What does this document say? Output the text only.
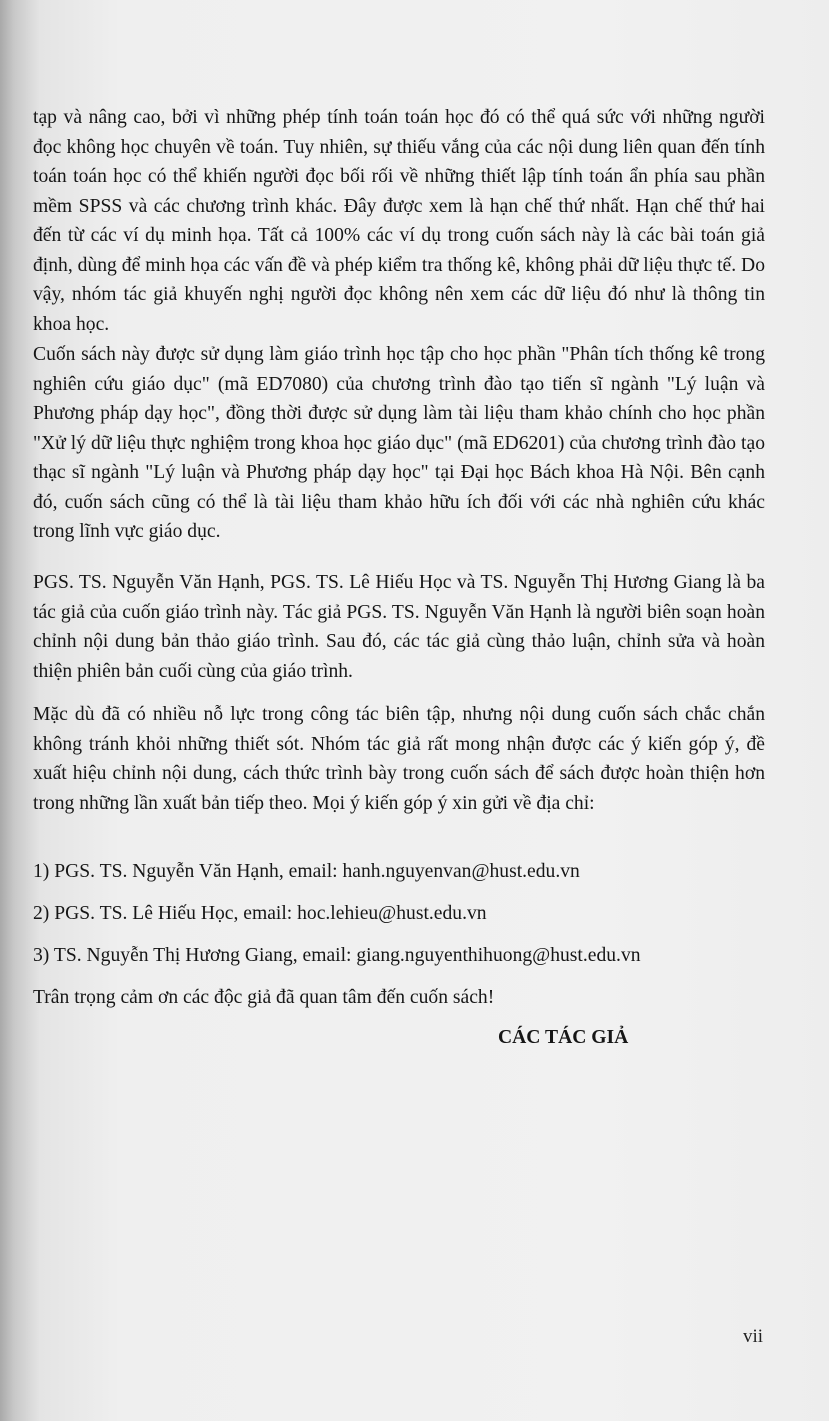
tạp và nâng cao, bởi vì những phép tính toán toán học đó có thể quá sức với những người đọc không học chuyên về toán. Tuy nhiên, sự thiếu vắng của các nội dung liên quan đến tính toán toán học có thể khiến người đọc bối rối về những thiết lập tính toán ẩn phía sau phần mềm SPSS và các chương trình khác. Đây được xem là hạn chế thứ nhất. Hạn chế thứ hai đến từ các ví dụ minh họa. Tất cả 100% các ví dụ trong cuốn sách này là các bài toán giả định, dùng để minh họa các vấn đề và phép kiểm tra thống kê, không phải dữ liệu thực tế. Do vậy, nhóm tác giả khuyến nghị người đọc không nên xem các dữ liệu đó như là thông tin khoa học.

Cuốn sách này được sử dụng làm giáo trình học tập cho học phần "Phân tích thống kê trong nghiên cứu giáo dục" (mã ED7080) của chương trình đào tạo tiến sĩ ngành "Lý luận và Phương pháp dạy học", đồng thời được sử dụng làm tài liệu tham khảo chính cho học phần "Xử lý dữ liệu thực nghiệm trong khoa học giáo dục" (mã ED6201) của chương trình đào tạo thạc sĩ ngành "Lý luận và Phương pháp dạy học" tại Đại học Bách khoa Hà Nội. Bên cạnh đó, cuốn sách cũng có thể là tài liệu tham khảo hữu ích đối với các nhà nghiên cứu khác trong lĩnh vực giáo dục.

PGS. TS. Nguyễn Văn Hạnh, PGS. TS. Lê Hiếu Học và TS. Nguyễn Thị Hương Giang là ba tác giả của cuốn giáo trình này. Tác giả PGS. TS. Nguyễn Văn Hạnh là người biên soạn hoàn chỉnh nội dung bản thảo giáo trình. Sau đó, các tác giả cùng thảo luận, chỉnh sửa và hoàn thiện phiên bản cuối cùng của giáo trình.

Mặc dù đã có nhiều nỗ lực trong công tác biên tập, nhưng nội dung cuốn sách chắc chắn không tránh khỏi những thiết sót. Nhóm tác giả rất mong nhận được các ý kiến góp ý, đề xuất hiệu chỉnh nội dung, cách thức trình bày trong cuốn sách để sách được hoàn thiện hơn trong những lần xuất bản tiếp theo. Mọi ý kiến góp ý xin gửi về địa chỉ:

1) PGS. TS. Nguyễn Văn Hạnh, email: hanh.nguyenvan@hust.edu.vn
2) PGS. TS. Lê Hiếu Học, email: hoc.lehieu@hust.edu.vn
3) TS. Nguyễn Thị Hương Giang, email: giang.nguyenthihuong@hust.edu.vn
Trân trọng cảm ơn các độc giả đã quan tâm đến cuốn sách!
CÁC TÁC GIẢ
vii
